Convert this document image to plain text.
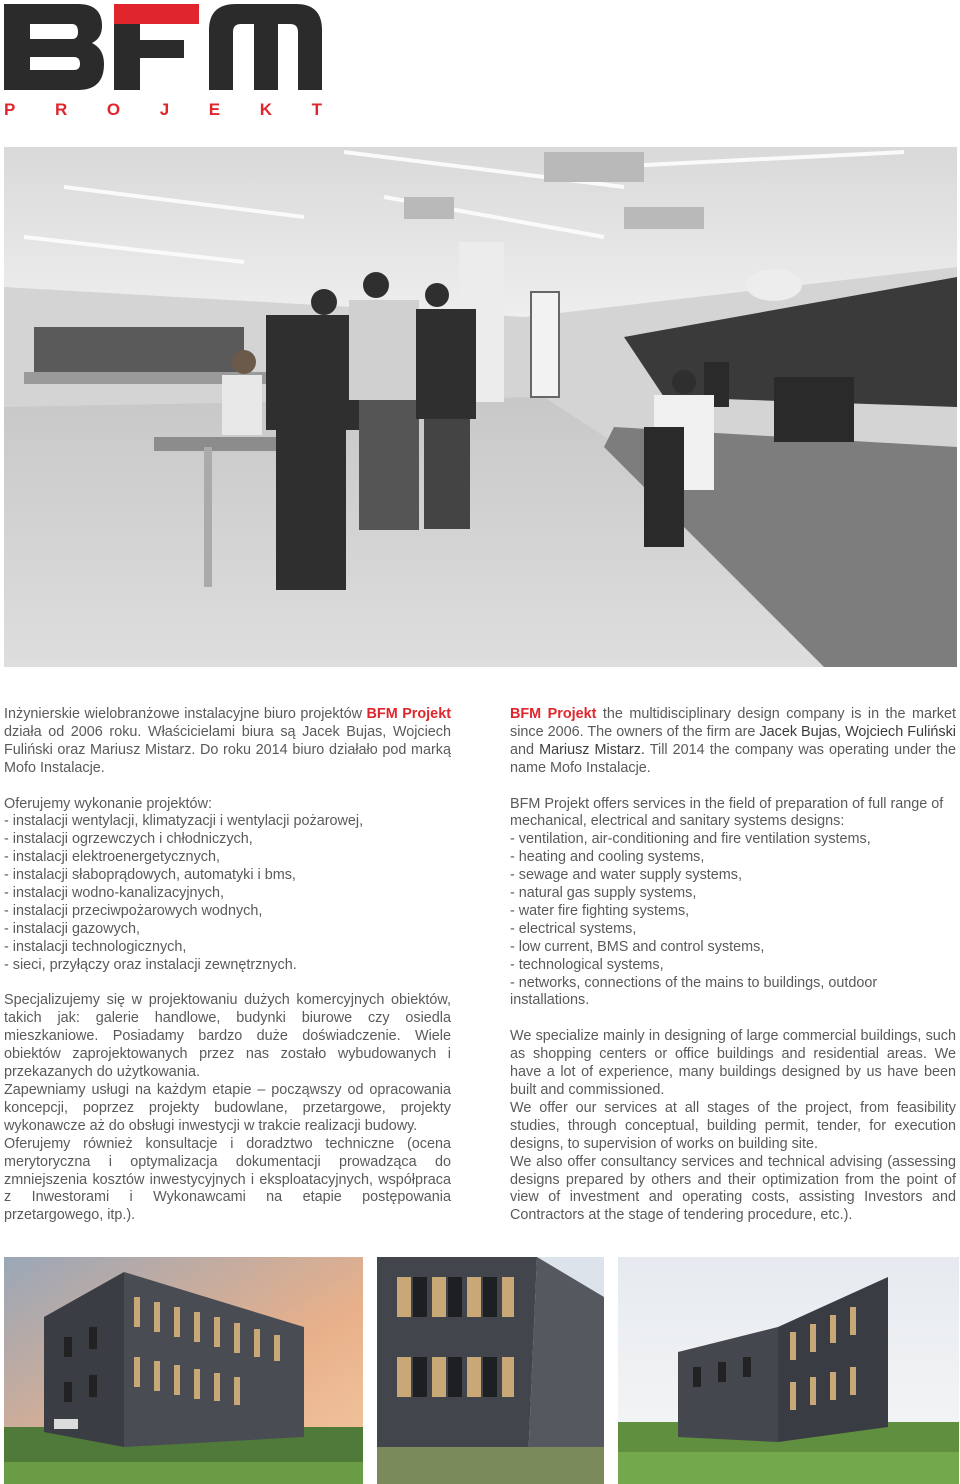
PROJEKT

Inżynierskie wielobranżowe instalacyjne biuro projektów BFM Projekt działa od 2006 roku. Właścicielami biura są Jacek Bujas, Wojciech Fuliński oraz Mariusz Mistarz. Do roku 2014 biuro działało pod marką Mofo Instalacje.

Oferujemy wykonanie projektów:
- instalacji wentylacji, klimatyzacji i wentylacji pożarowej,
- instalacji ogrzewczych i chłodniczych,
- instalacji elektroenergetycznych,
- instalacji słaboprądowych, automatyki i bms,
- instalacji wodno-kanalizacyjnych,
- instalacji przeciwpożarowych wodnych,
- instalacji gazowych,
- instalacji technologicznych,
- sieci, przyłączy oraz instalacji zewnętrznych.

Specjalizujemy się w projektowaniu dużych komercyjnych obiektów, takich jak: galerie handlowe, budynki biurowe czy osiedla mieszkaniowe. Posiadamy bardzo duże doświadczenie. Wiele obiektów zaprojektowanych przez nas zostało wybudowanych i przekazanych do użytkowania.

Zapewniamy usługi na każdym etapie – począwszy od opracowania koncepcji, poprzez projekty budowlane, przetargowe, projekty wykonawcze aż do obsługi inwestycji w trakcie realizacji budowy.

Oferujemy również konsultacje i doradztwo techniczne (ocena merytoryczna i optymalizacja dokumentacji prowadząca do zmniejszenia kosztów inwestycyjnych i eksploatacyjnych, współpraca z Inwestorami i Wykonawcami na etapie postępowania przetargowego, itp.).

BFM Projekt the multidisciplinary design company is in the market since 2006. The owners of the firm are Jacek Bujas, Wojciech Fuliński and Mariusz Mistarz. Till 2014 the company was operating under the name Mofo Instalacje.

BFM Projekt offers services in the field of preparation of full range of mechanical, electrical and sanitary systems designs:
- ventilation, air-conditioning and fire ventilation systems,
- heating and cooling systems,
- sewage and water supply systems,
- natural gas supply systems,
- water fire fighting systems,
- electrical systems,
- low current, BMS and control systems,
- technological systems,
- networks, connections of the mains to buildings, outdoor installations.

We specialize mainly in designing of large commercial buildings, such as shopping centers or office buildings and residential areas. We have a lot of experience, many buildings designed by us have been built and commissioned.

We offer our services at all stages of the project, from feasibility studies, through conceptual, building permit, tender, for execution designs, to supervision of works on building site.

We also offer consultancy services and technical advising (assessing designs prepared by others and their optimization from the point of view of investment and operating costs, assisting Investors and Contractors at the stage of tendering procedure, etc.).
